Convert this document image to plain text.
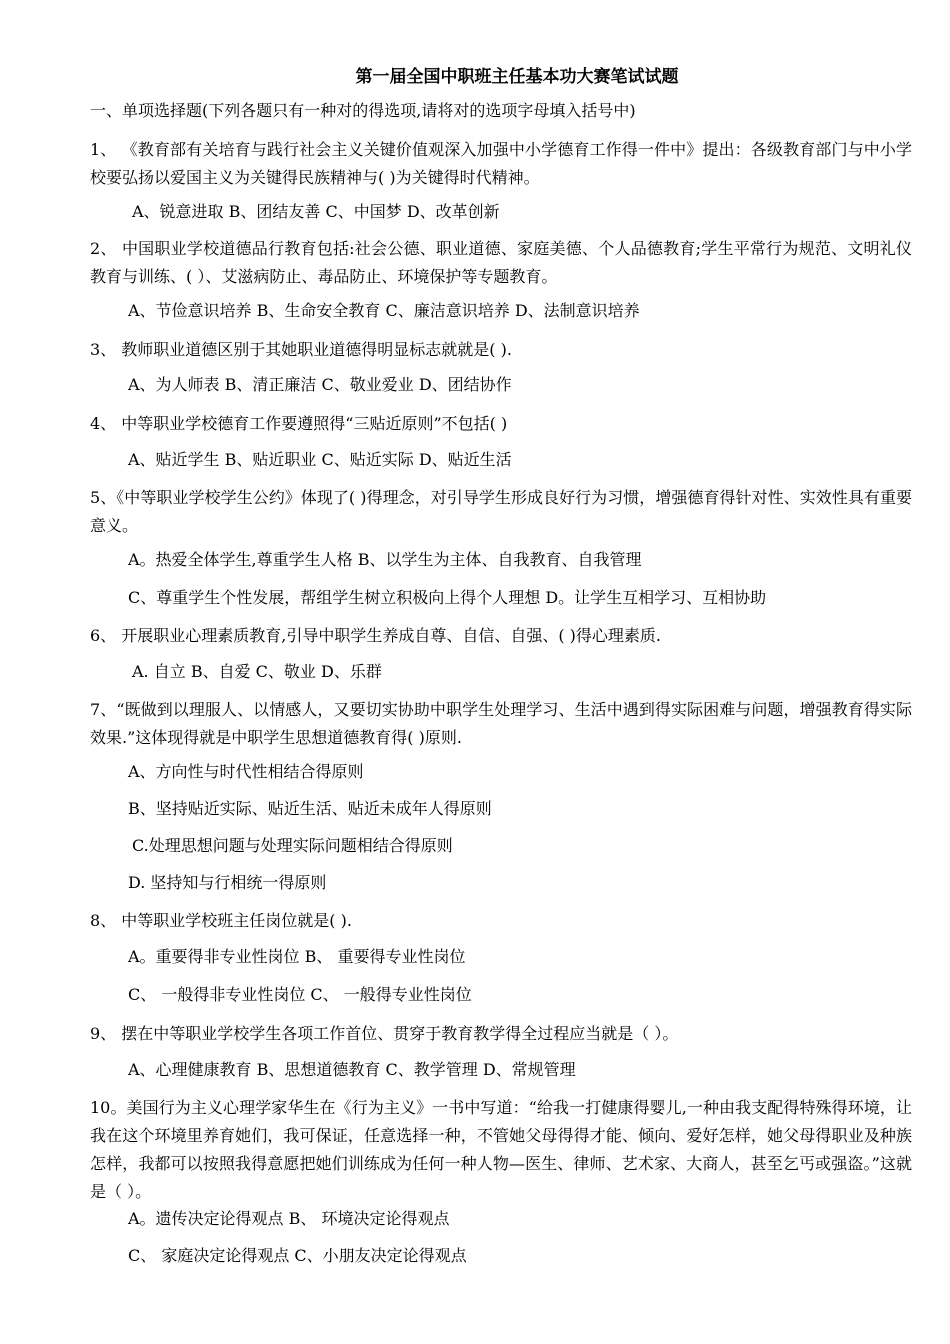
第一届全国中职班主任基本功大赛笔试试题
一、单项选择题(下列各题只有一种对的得选项,请将对的选项字母填入括号中)
1、 《教育部有关培育与践行社会主义关键价值观深入加强中小学德育工作得一件中》提出：各级教育部门与中小学校要弘扬以爱国主义为关键得民族精神与( )为关键得时代精神。
A、锐意进取 B、团结友善 C、中国梦 D、改革创新
2、 中国职业学校道德品行教育包括:社会公德、职业道德、家庭美德、个人品德教育;学生平常行为规范、文明礼仪教育与训练、( ）、艾滋病防止、毒品防止、环境保护等专题教育。
A、节俭意识培养 B、生命安全教育 C、廉洁意识培养 D、法制意识培养
3、 教师职业道德区别于其她职业道德得明显标志就就是( ).
A、为人师表 B、清正廉洁 C、敬业爱业 D、团结协作
4、 中等职业学校德育工作要遵照得“三贴近原则”不包括( )
A、贴近学生 B、贴近职业 C、贴近实际 D、贴近生活
5、《中等职业学校学生公约》体现了( )得理念，对引导学生形成良好行为习惯，增强德育得针对性、实效性具有重要意义。
A。热爱全体学生,尊重学生人格 B、以学生为主体、自我教育、自我管理
C、尊重学生个性发展，帮组学生树立积极向上得个人理想 D。让学生互相学习、互相协助
6、 开展职业心理素质教育,引导中职学生养成自尊、自信、自强、( )得心理素质.
A. 自立 B、自爱 C、敬业 D、乐群
7、“既做到以理服人、以情感人，又要切实协助中职学生处理学习、生活中遇到得实际困难与问题，增强教育得实际效果.”这体现得就是中职学生思想道德教育得( )原则.
A、方向性与时代性相结合得原则
B、坚持贴近实际、贴近生活、贴近未成年人得原则
C.处理思想问题与处理实际问题相结合得原则
D. 坚持知与行相统一得原则
8、 中等职业学校班主任岗位就是( ).
A。重要得非专业性岗位 B、 重要得专业性岗位
C、 一般得非专业性岗位 C、 一般得专业性岗位
9、 摆在中等职业学校学生各项工作首位、贯穿于教育教学得全过程应当就是（ ）。
A、心理健康教育 B、思想道德教育 C、教学管理 D、常规管理
10。美国行为主义心理学家华生在《行为主义》一书中写道：“给我一打健康得婴儿,一种由我支配得特殊得环境，让我在这个环境里养育她们，我可保证，任意选择一种，不管她父母得得才能、倾向、爱好怎样，她父母得职业及种族怎样，我都可以按照我得意愿把她们训练成为任何一种人物—医生、律师、艺术家、大商人，甚至乞丐或强盗。”这就是（ ）。
A。遗传决定论得观点 B、 环境决定论得观点
C、 家庭决定论得观点 C、小朋友决定论得观点
